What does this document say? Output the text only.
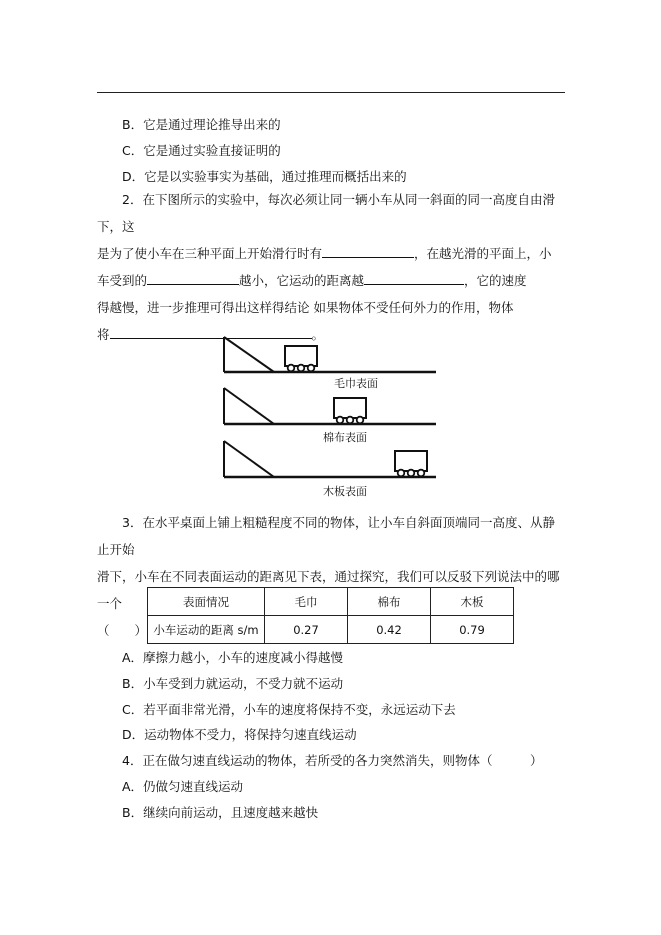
B．它是通过理论推导出来的
C．它是通过实验直接证明的
D．它是以实验事实为基础，通过推理而概括出来的
2．在下图所示的实验中，每次必须让同一辆小车从同一斜面的同一高度自由滑下，这
是为了使小车在三种平面上开始滑行时有	，在越光滑的平面上，小
车受到的	越小，它运动的距离越	，它的速度
得越慢，进一步推理可得出这样得结论 如果物体不受任何外力的作用，物体
将	。
毛巾表面
棉布表面
木板表面
3．在水平桌面上铺上粗糙程度不同的物体，让小车自斜面顶端同一高度、从静止开始
滑下，小车在不同表面运动的距离见下表，通过探究，我们可以反驳下列说法中的哪一个
（　　）
表面情况	毛巾	棉布	木板
小车运动的距离 s/m	0.27	0.42	0.79
A．摩擦力越小，小车的速度减小得越慢
B．小车受到力就运动，不受力就不运动
C．若平面非常光滑，小车的速度将保持不变，永远运动下去
D．运动物体不受力，将保持匀速直线运动
4．正在做匀速直线运动的物体，若所受的各力突然消失，则物体（　　　）
A．仍做匀速直线运动
B．继续向前运动，且速度越来越快
